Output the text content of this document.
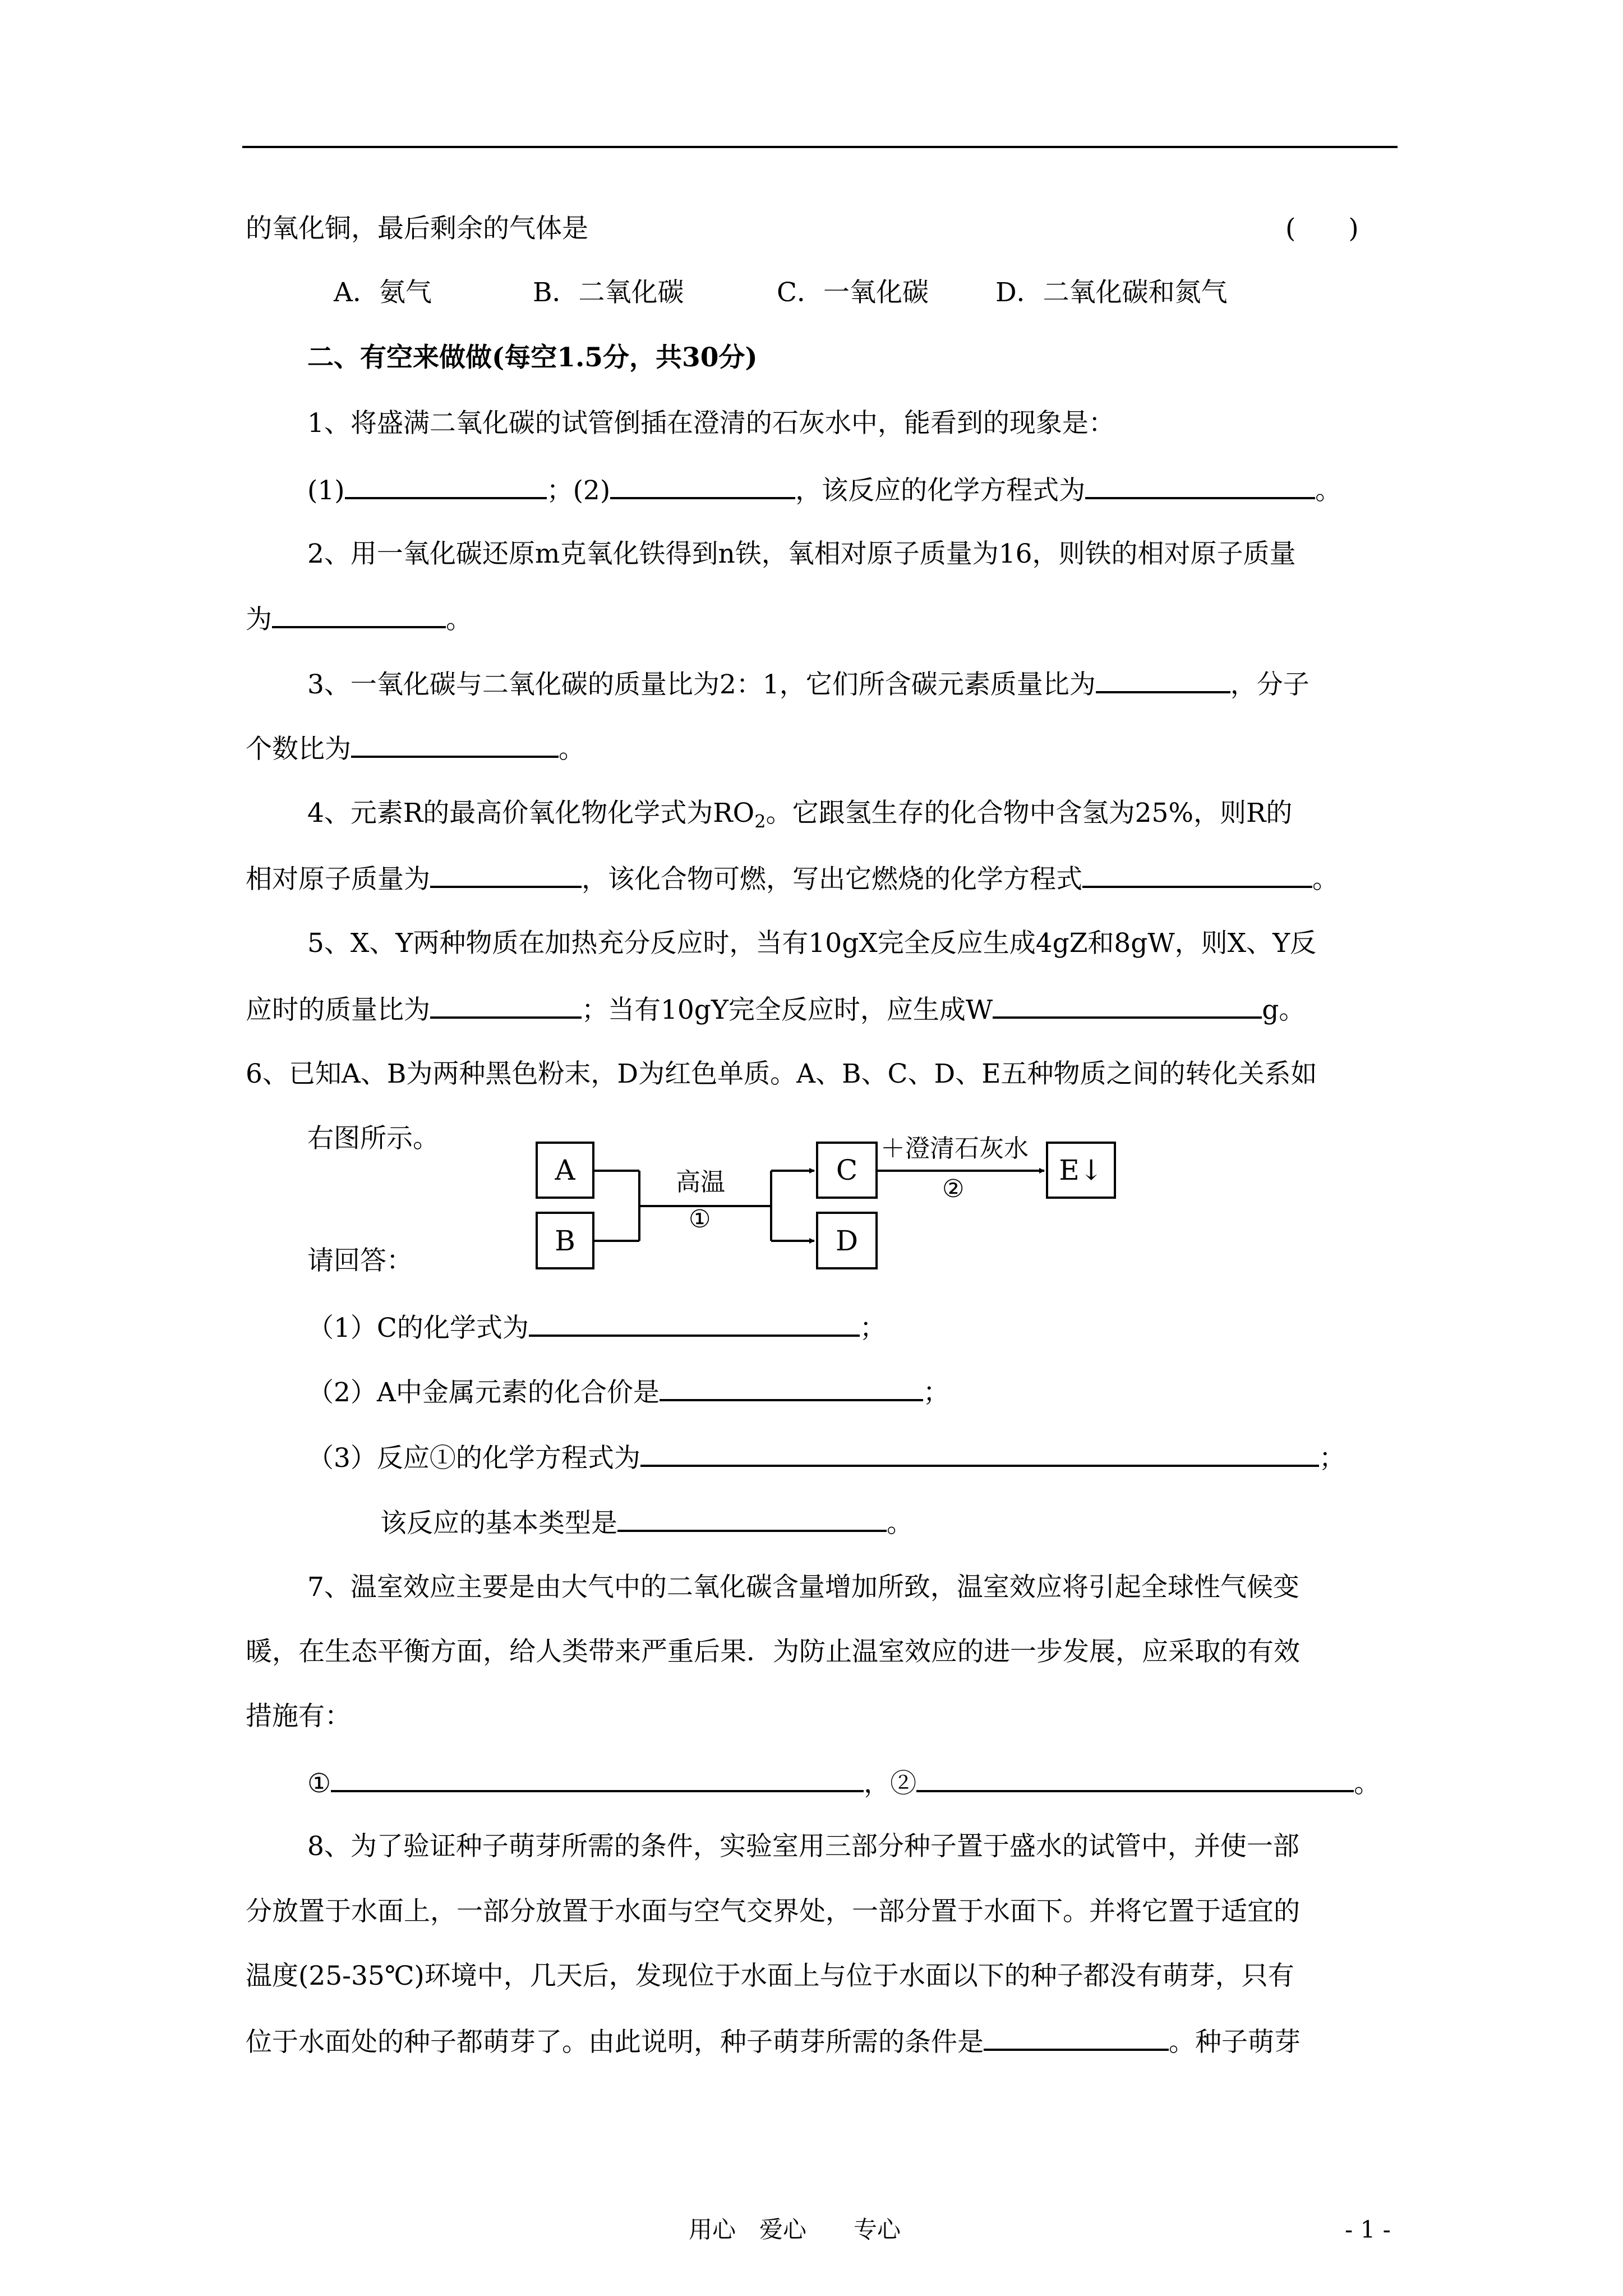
的氧化铜，最后剩余的气体是	(　　)
A．氨气	B．二氧化碳	C．一氧化碳	D．二氧化碳和氮气
二、有空来做做(每空1.5分，共30分)
1、将盛满二氧化碳的试管倒插在澄清的石灰水中，能看到的现象是：
(1)	；(2)	，该反应的化学方程式为	。
2、用一氧化碳还原m克氧化铁得到n铁，氧相对原子质量为16，则铁的相对原子质量
为	。
3、一氧化碳与二氧化碳的质量比为2：1，它们所含碳元素质量比为	，分子
个数比为	。
4、元素R的最高价氧化物化学式为$RO_2$。它跟氢生存的化合物中含氢为25%，则R的
相对原子质量为	，该化合物可燃，写出它燃烧的化学方程式	。
5、X、Y两种物质在加热充分反应时，当有10gX完全反应生成4gZ和8gW，则X、Y反
应时的质量比为	；当有10gY完全反应时，应生成W	g。
6、已知A、B为两种黑色粉末，D为红色单质。A、B、C、D、E五种物质之间的转化关系如
右图所示。
A
B
C
D
E↓
高温
①
＋澄清石灰水
②
请回答：
（1）C的化学式为	；
（2）A中金属元素的化合价是	；
（3）反应①的化学方程式为	；
该反应的基本类型是	。
7、温室效应主要是由大气中的二氧化碳含量增加所致，温室效应将引起全球性气候变
暖，在生态平衡方面，给人类带来严重后果．为防止温室效应的进一步发展，应采取的有效
措施有：
①	，②	。
8、为了验证种子萌芽所需的条件，实验室用三部分种子置于盛水的试管中，并使一部
分放置于水面上，一部分放置于水面与空气交界处，一部分置于水面下。并将它置于适宜的
温度(25-35℃)环境中，几天后，发现位于水面上与位于水面以下的种子都没有萌芽，只有
位于水面处的种子都萌芽了。由此说明，种子萌芽所需的条件是	。种子萌芽
用心　爱心　　专心	- 1 -
